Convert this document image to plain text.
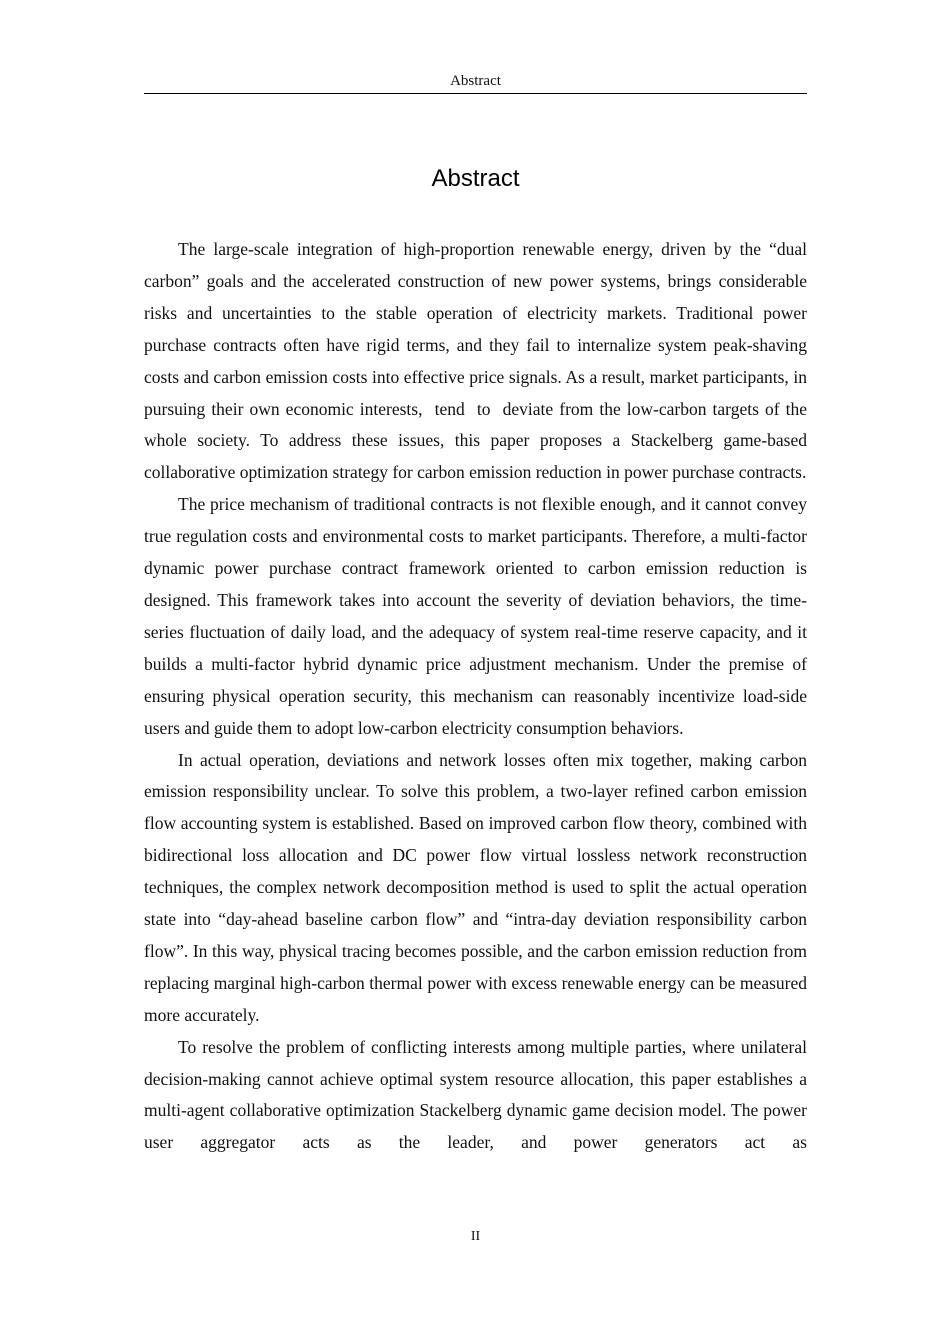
Abstract
Abstract

The large-scale integration of high-proportion renewable energy, driven by the “dual carbon” goals and the accelerated construction of new power systems, brings considerable risks and uncertainties to the stable operation of electricity markets. Traditional power purchase contracts often have rigid terms, and they fail to internalize system peak-shaving costs and carbon emission costs into effective price signals. As a result, market participants, in pursuing their own economic interests,  tend  to  deviate from the low-carbon targets of the whole society. To address these issues, this paper proposes a Stackelberg game-based collaborative optimization strategy for carbon emission reduction in power purchase contracts.

The price mechanism of traditional contracts is not flexible enough, and it cannot convey true regulation costs and environmental costs to market participants. Therefore, a multi-factor dynamic power purchase contract framework oriented to carbon emission reduction is designed. This framework takes into account the severity of deviation behaviors, the time-series fluctuation of daily load, and the adequacy of system real-time reserve capacity, and it builds a multi-factor hybrid dynamic price adjustment mechanism. Under the premise of ensuring physical operation security, this mechanism can reasonably incentivize load-side users and guide them to adopt low-carbon electricity consumption behaviors.

In actual operation, deviations and network losses often mix together, making carbon emission responsibility unclear. To solve this problem, a two-layer refined carbon emission flow accounting system is established. Based on improved carbon flow theory, combined with bidirectional loss allocation and DC power flow virtual lossless network reconstruction techniques, the complex network decomposition method is used to split the actual operation state into “day-ahead baseline carbon flow” and “intra-day deviation responsibility carbon flow”. In this way, physical tracing becomes possible, and the carbon emission reduction from replacing marginal high-carbon thermal power with excess renewable energy can be measured more accurately.

To resolve the problem of conflicting interests among multiple parties, where unilateral decision-making cannot achieve optimal system resource allocation, this paper establishes a multi-agent collaborative optimization Stackelberg dynamic game decision model. The power user aggregator acts as the leader, and power generators act as

II
